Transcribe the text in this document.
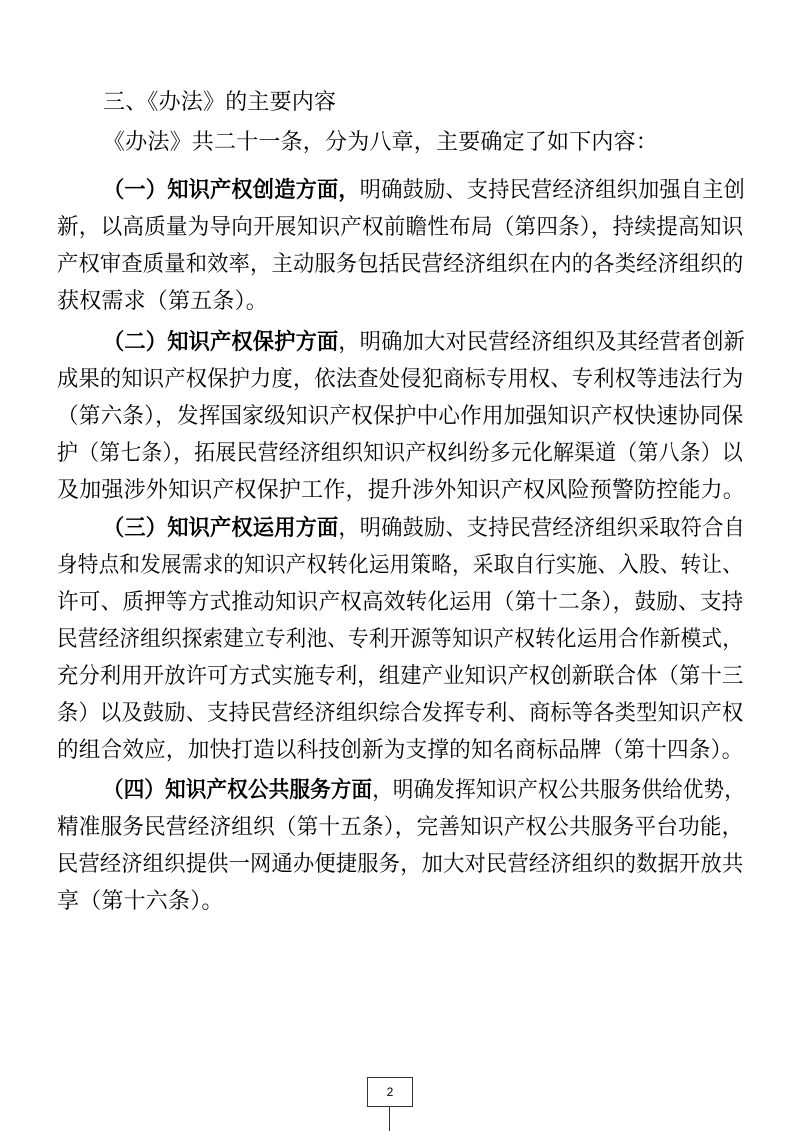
三、《办法》的主要内容
《办法》共二十一条，分为八章，主要确定了如下内容：
（一）知识产权创造方面，明确鼓励、支持民营经济组织加强自主创
新，以高质量为导向开展知识产权前瞻性布局（第四条），持续提高知识
产权审查质量和效率，主动服务包括民营经济组织在内的各类经济组织的
获权需求（第五条）。
（二）知识产权保护方面，明确加大对民营经济组织及其经营者创新
成果的知识产权保护力度，依法查处侵犯商标专用权、专利权等违法行为
（第六条），发挥国家级知识产权保护中心作用加强知识产权快速协同保
护（第七条），拓展民营经济组织知识产权纠纷多元化解渠道（第八条）以
及加强涉外知识产权保护工作，提升涉外知识产权风险预警防控能力。
（三）知识产权运用方面，明确鼓励、支持民营经济组织采取符合自
身特点和发展需求的知识产权转化运用策略，采取自行实施、入股、转让、
许可、质押等方式推动知识产权高效转化运用（第十二条），鼓励、支持
民营经济组织探索建立专利池、专利开源等知识产权转化运用合作新模式，
充分利用开放许可方式实施专利，组建产业知识产权创新联合体（第十三
条）以及鼓励、支持民营经济组织综合发挥专利、商标等各类型知识产权
的组合效应，加快打造以科技创新为支撑的知名商标品牌（第十四条）。
（四）知识产权公共服务方面，明确发挥知识产权公共服务供给优势，
精准服务民营经济组织（第十五条），完善知识产权公共服务平台功能，
民营经济组织提供一网通办便捷服务，加大对民营经济组织的数据开放共
享（第十六条）。
2
